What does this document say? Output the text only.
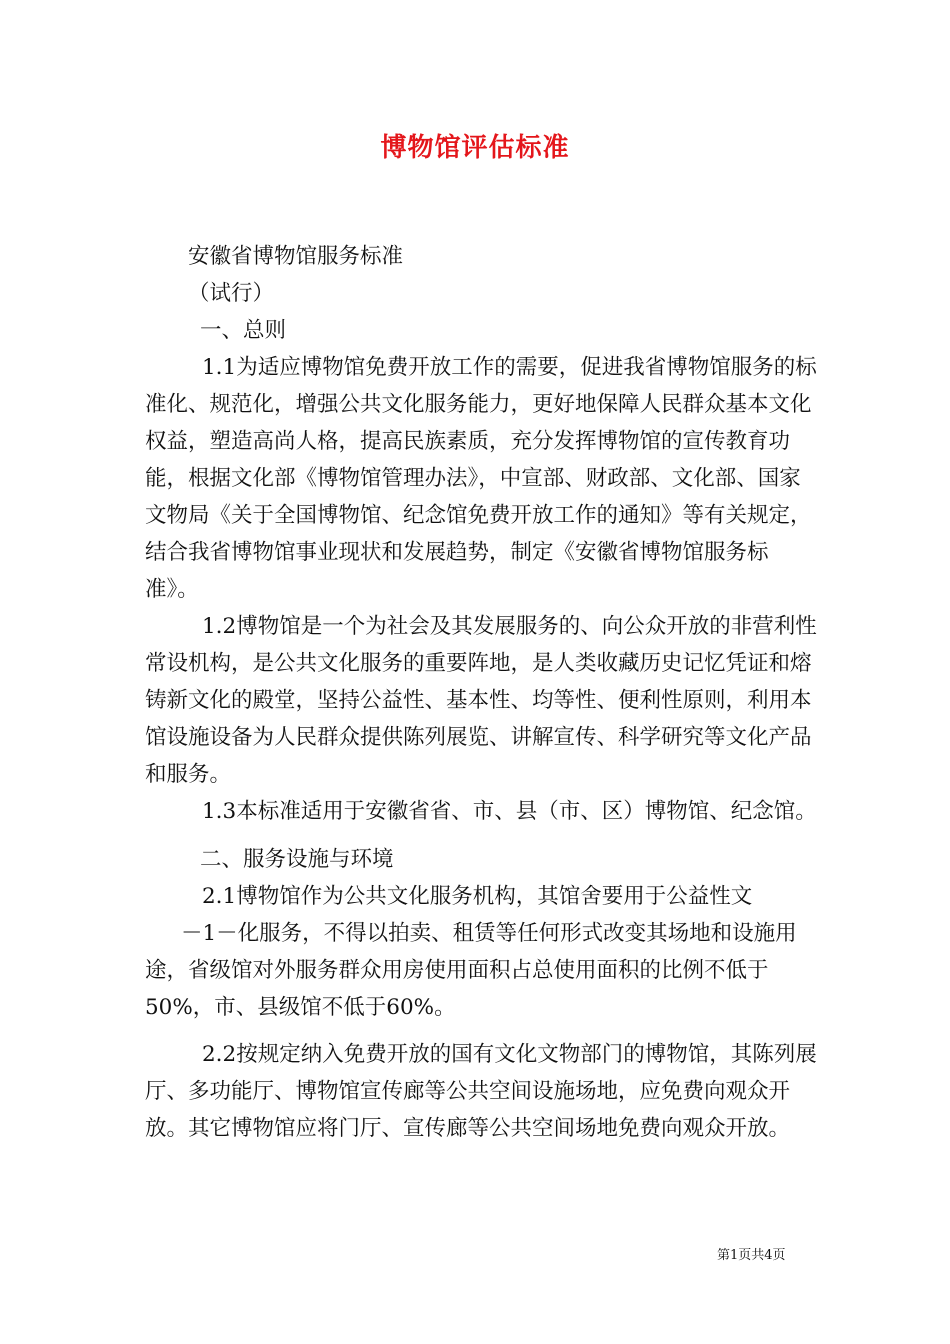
博物馆评估标准

安徽省博物馆服务标准

（试行）

一、总则

1.1为适应博物馆免费开放工作的需要，促进我省博物馆服务的标准化、规范化，增强公共文化服务能力，更好地保障人民群众基本文化权益，塑造高尚人格，提高民族素质，充分发挥博物馆的宣传教育功能，根据文化部《博物馆管理办法》，中宣部、财政部、文化部、国家文物局《关于全国博物馆、纪念馆免费开放工作的通知》等有关规定，结合我省博物馆事业现状和发展趋势，制定《安徽省博物馆服务标准》。

1.2博物馆是一个为社会及其发展服务的、向公众开放的非营利性常设机构，是公共文化服务的重要阵地，是人类收藏历史记忆凭证和熔铸新文化的殿堂，坚持公益性、基本性、均等性、便利性原则，利用本馆设施设备为人民群众提供陈列展览、讲解宣传、科学研究等文化产品和服务。

1.3本标准适用于安徽省省、市、县（市、区）博物馆、纪念馆。

二、服务设施与环境

2.1博物馆作为公共文化服务机构，其馆舍要用于公益性文

－1－化服务，不得以拍卖、租赁等任何形式改变其场地和设施用途，省级馆对外服务群众用房使用面积占总使用面积的比例不低于50%，市、县级馆不低于60%。

2.2按规定纳入免费开放的国有文化文物部门的博物馆，其陈列展厅、多功能厅、博物馆宣传廊等公共空间设施场地，应免费向观众开放。其它博物馆应将门厅、宣传廊等公共空间场地免费向观众开放。

第1页共4页
